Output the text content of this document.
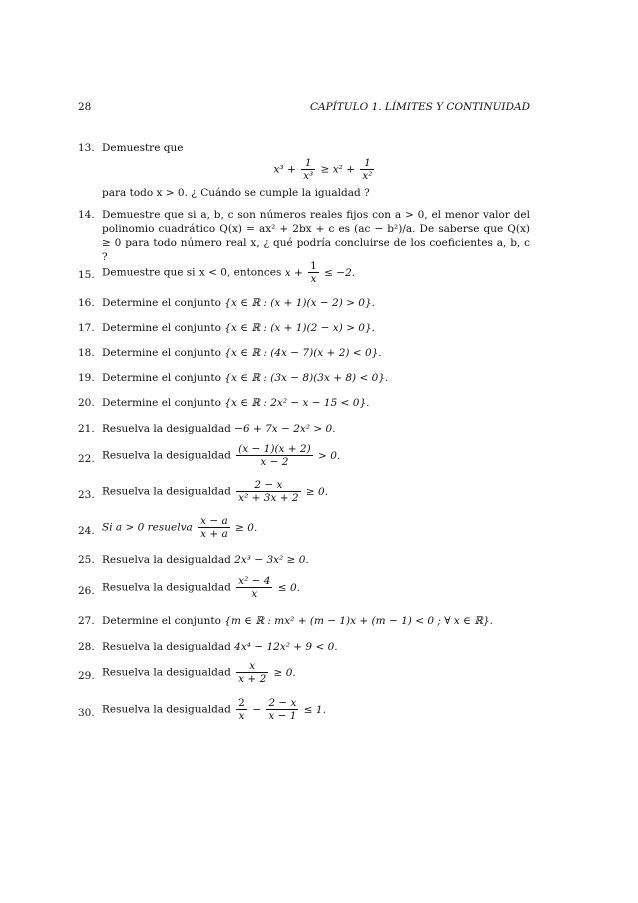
28	CAPÍTULO 1. LÍMITES Y CONTINUIDAD
13. Demuestre que
$x^3 + \frac{1}{\text{x³}} \ge x^2 + \frac{1}{\text{x²}}$
para todo x > 0. ¿ Cuándo se cumple la igualdad ?
14. Demuestre que si a, b, c son números reales fijos con a > 0, el menor valor del polinomio cuadrático Q(x) = ax² + 2bx + c es (ac − b²)/a. De saberse que Q(x) ≥ 0 para todo número real x, ¿ qué podría concluirse de los coeficientes a, b, c ?
15. Demuestre que si x < 0, entonces $x + \frac{1}{x} \le -2$.
16. Determine el conjunto {x ∈ ℝ : (x + 1)(x − 2) > 0}.
17. Determine el conjunto {x ∈ ℝ : (x + 1)(2 − x) > 0}.
18. Determine el conjunto {x ∈ ℝ : (4x − 7)(x + 2) < 0}.
19. Determine el conjunto {x ∈ ℝ : (3x − 8)(3x + 8) < 0}.
20. Determine el conjunto {x ∈ ℝ : 2x² − x − 15 < 0}.
21. Resuelva la desigualdad −6 + 7x − 2x² > 0.
22. Resuelva la desigualdad $\frac{(x - 1)(x + 2)}{x - 2} > 0$.
23. Resuelva la desigualdad $\frac{2 - x}{\text{x² + 3x + 2}} \ge 0$.
24. Si a > 0 resuelva $\frac{x - a}{x + a} \ge 0$.
25. Resuelva la desigualdad 2x³ − 3x² ≥ 0.
26. Resuelva la desigualdad $\frac{\text{x² − 4}}{x} \le 0$.
27. Determine el conjunto {m ∈ ℝ : mx² + (m − 1)x + (m − 1) < 0 ; ∀ x ∈ ℝ}.
28. Resuelva la desigualdad 4x⁴ − 12x² + 9 < 0.
29. Resuelva la desigualdad $\frac{x}{x + 2} \ge 0$.
30. Resuelva la desigualdad $\frac{2}{x} - \frac{2 - x}{x - 1} \le 1$.
